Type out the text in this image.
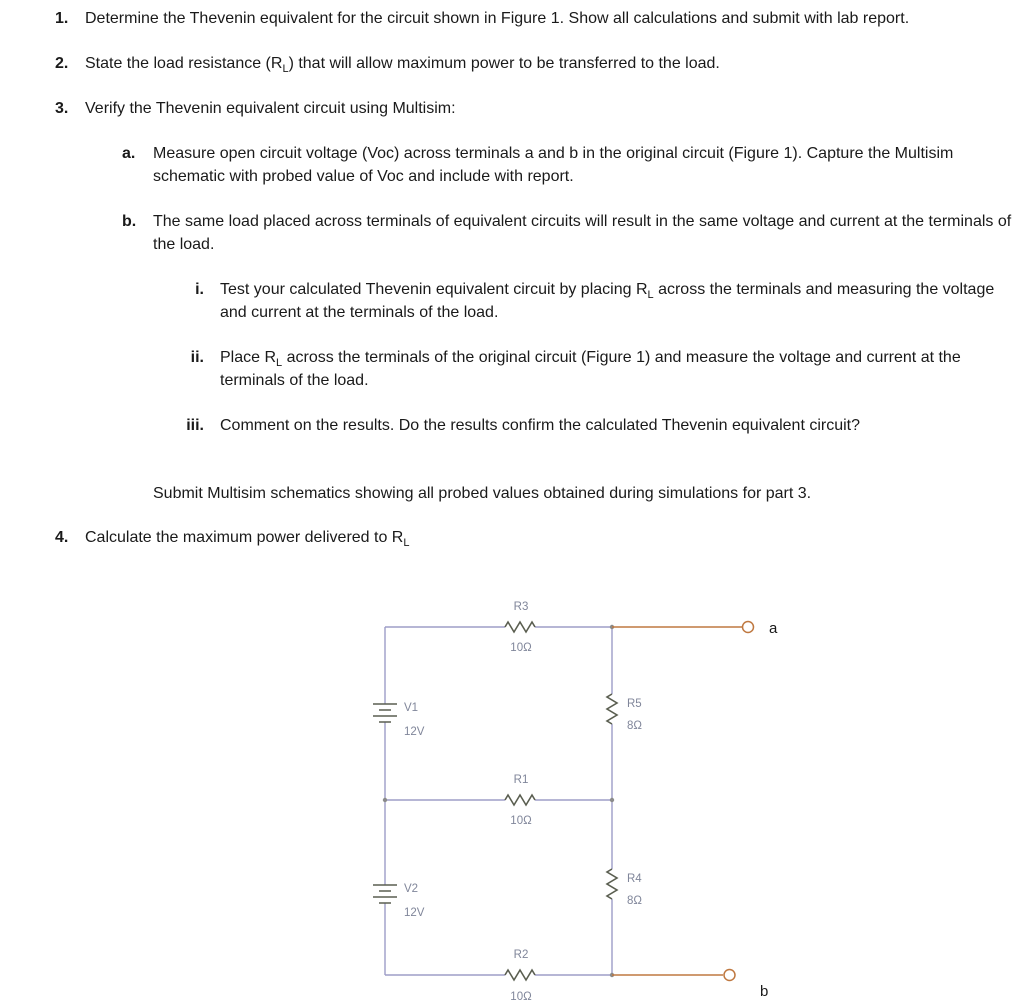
1.	Determine the Thevenin equivalent for the circuit shown in Figure 1. Show all calculations and submit with lab report.

2.	State the load resistance $(R_L)$ that will allow maximum power to be transferred to the load.

3.	Verify the Thevenin equivalent circuit using Multisim:

a.	Measure open circuit voltage (Voc) across terminals a and b in the original circuit (Figure 1). Capture the Multisim schematic with probed value of Voc and include with report.

b.	The same load placed across terminals of equivalent circuits will result in the same voltage and current at the terminals of the load.

i.	Test your calculated Thevenin equivalent circuit by placing $R_L$ across the terminals and measuring the voltage and current at the terminals of the load.

ii.	Place $R_L$ across the terminals of the original circuit (Figure 1) and measure the voltage and current at the terminals of the load.

iii.	Comment on the results. Do the results confirm the calculated Thevenin equivalent circuit?

Submit Multisim schematics showing all probed values obtained during simulations for part 3.
4.	Calculate the maximum power delivered to $R_L$

R3
10Ω
R1
10Ω
R2
10Ω
R5
8Ω
R4
8Ω
V1
12V
V2
12V
a
b
